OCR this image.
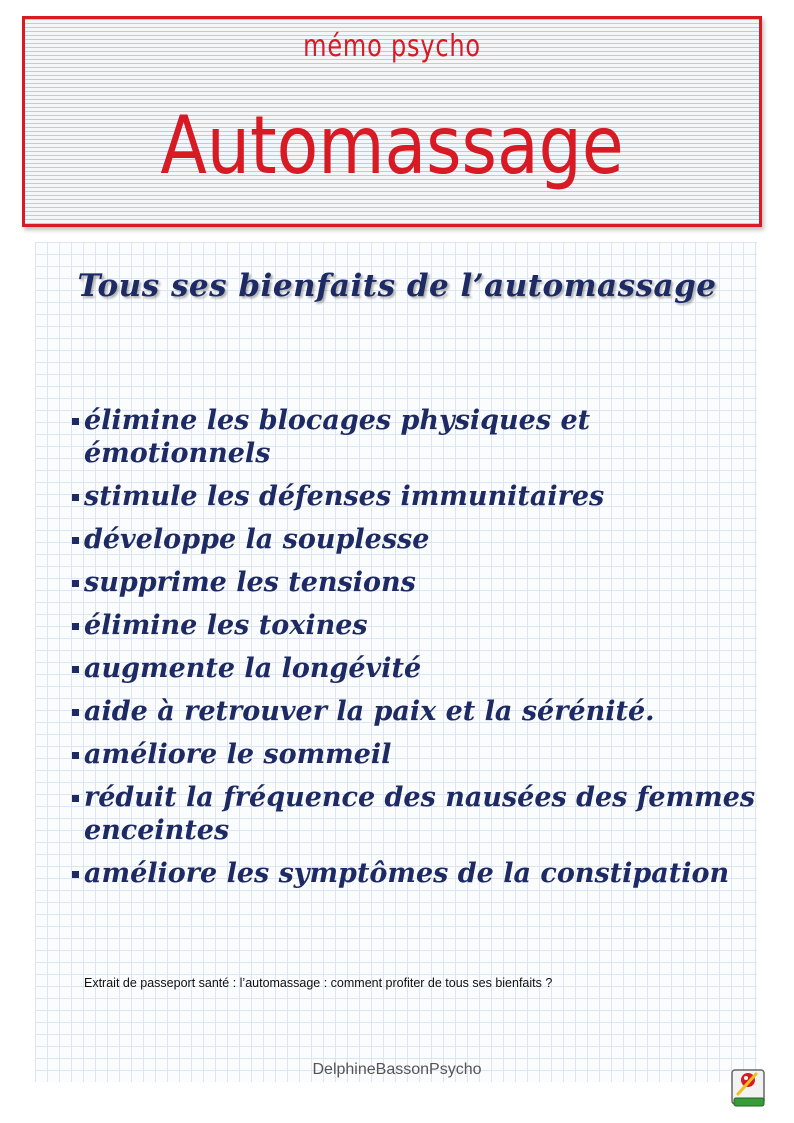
mémo psycho
Automassage
Tous ses bienfaits de l’automassage
élimine les blocages physiques et émotionnels
stimule les défenses immunitaires
développe la souplesse
supprime les tensions
élimine les toxines
augmente la longévité
aide à retrouver la paix et la sérénité.
améliore le sommeil
réduit la fréquence des nausées des femmes enceintes
améliore les symptômes de la constipation
Extrait de passeport santé : l’automassage : comment profiter de tous ses bienfaits ?
DelphineBassonPsycho
